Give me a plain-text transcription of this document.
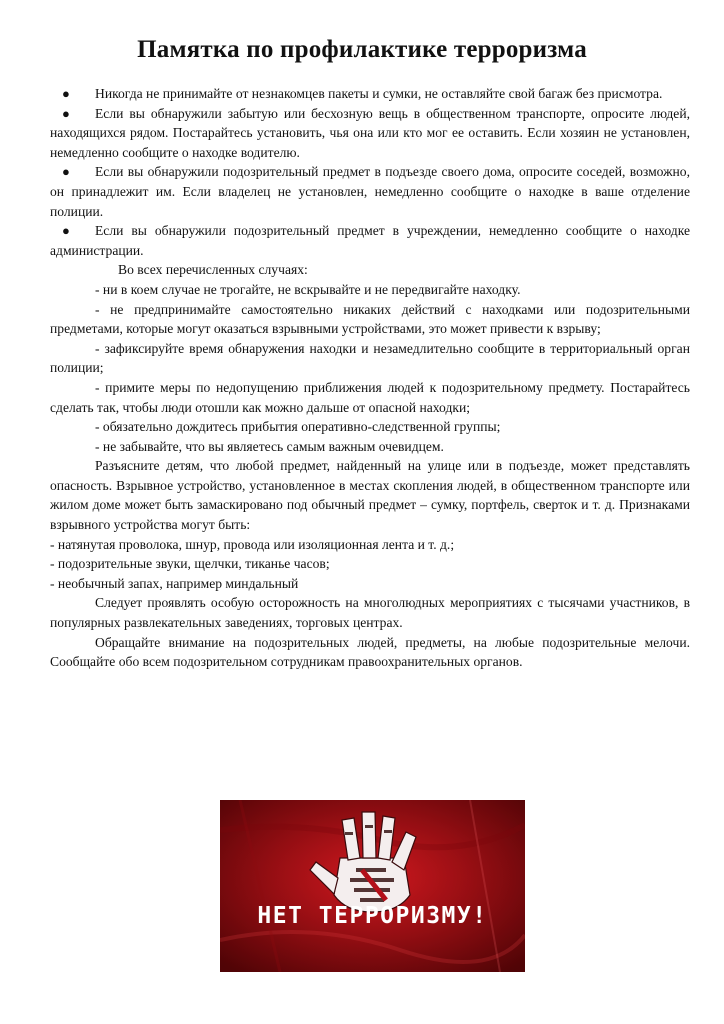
Памятка по профилактике терроризма

● Никогда не принимайте от незнакомцев пакеты и сумки, не оставляйте свой багаж без присмотра.

● Если вы обнаружили забытую или бесхозную вещь в общественном транспорте, опросите людей, находящихся рядом. Постарайтесь установить, чья она или кто мог ее оставить. Если хозяин не установлен, немедленно сообщите о находке водителю.

● Если вы обнаружили подозрительный предмет в подъезде своего дома, опросите соседей, возможно, он принадлежит им. Если владелец не установлен, немедленно сообщите о находке в ваше отделение полиции.

● Если вы обнаружили подозрительный предмет в учреждении, немедленно сообщите о находке администрации.

Во всех перечисленных случаях:

- ни в коем случае не трогайте, не вскрывайте и не передвигайте находку.

- не предпринимайте самостоятельно никаких действий с находками или подозрительными предметами, которые могут оказаться взрывными устройствами, это может привести к взрыву;

- зафиксируйте время обнаружения находки и незамедлительно сообщите в территориальный орган полиции;

- примите меры по недопущению приближения людей к подозрительному предмету. Постарайтесь сделать так, чтобы люди отошли как можно дальше от опасной находки;

- обязательно дождитесь прибытия оперативно-следственной группы;

- не забывайте, что вы являетесь самым важным очевидцем.

Разъясните детям, что любой предмет, найденный на улице или в подъезде, может представлять опасность. Взрывное устройство, установленное в местах скопления людей, в общественном транспорте или жилом доме может быть замаскировано под обычный предмет – сумку, портфель, сверток и т. д. Признаками взрывного устройства могут быть:

- натянутая проволока, шнур, провода или изоляционная лента и т. д.;

- подозрительные звуки, щелчки, тиканье часов;

- необычный запах, например миндальный

Следует проявлять особую осторожность на многолюдных мероприятиях с тысячами участников, в популярных развлекательных заведениях, торговых центрах.

Обращайте внимание на подозрительных людей, предметы, на любые подозрительные мелочи. Сообщайте обо всем подозрительном сотрудникам правоохранительных органов.

НЕТ ТЕРРОРИЗМУ!
